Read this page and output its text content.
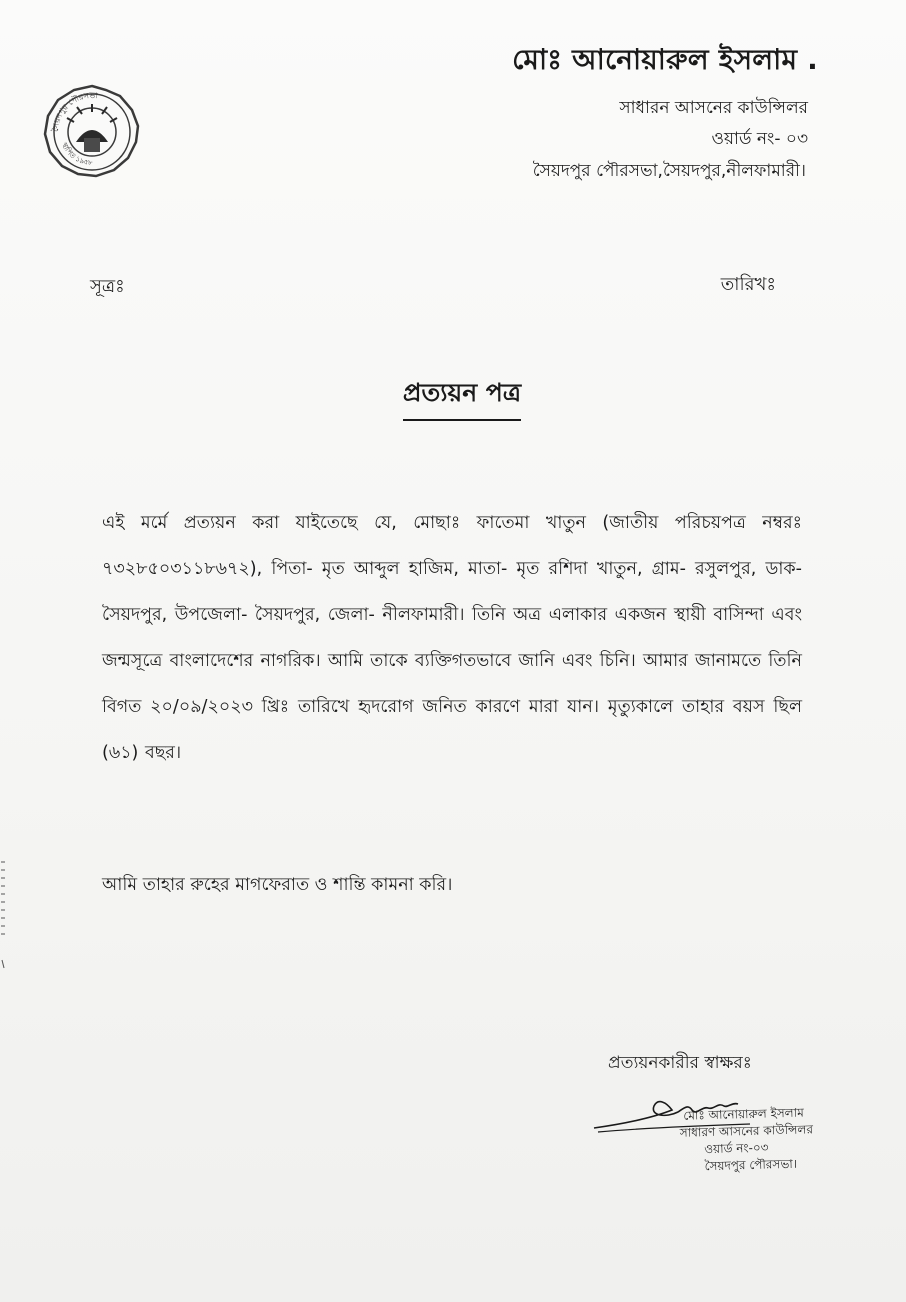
সৈয়দপুর পৌরসভা
স্থাপিত ১৯৫৮
মোঃ আনোয়ারুল ইসলাম .
সাধারন আসনের কাউন্সিলর
ওয়ার্ড নং- ০৩
সৈয়দপুর পৌরসভা,সৈয়দপুর,নীলফামারী।
সূত্রঃ	তারিখঃ
প্রত্যয়ন পত্র
এই মর্মে প্রত্যয়ন করা যাইতেছে যে, মোছাঃ ফাতেমা খাতুন (জাতীয় পরিচয়পত্র নম্বরঃ ৭৩২৮৫০৩১১৮৬৭২), পিতা- মৃত আব্দুল হাজিম, মাতা- মৃত রশিদা খাতুন, গ্রাম- রসুলপুর, ডাক- সৈয়দপুর, উপজেলা- সৈয়দপুর, জেলা- নীলফামারী। তিনি অত্র এলাকার একজন স্থায়ী বাসিন্দা এবং জন্মসূত্রে বাংলাদেশের নাগরিক। আমি তাকে ব্যক্তিগতভাবে জানি এবং চিনি। আমার জানামতে তিনি বিগত ২০/০৯/২০২৩ খ্রিঃ তারিখে হৃদরোগ জনিত কারণে মারা যান। মৃত্যুকালে তাহার বয়স ছিল (৬১) বছর।
আমি তাহার রুহের মাগফেরাত ও শান্তি কামনা করি।
প্রত্যয়নকারীর স্বাক্ষরঃ
মোঃ আনোয়ারুল ইসলাম
সাধারণ আসনের কাউন্সিলর
ওয়ার্ড নং-০৩
সৈয়দপুর পৌরসভা।
